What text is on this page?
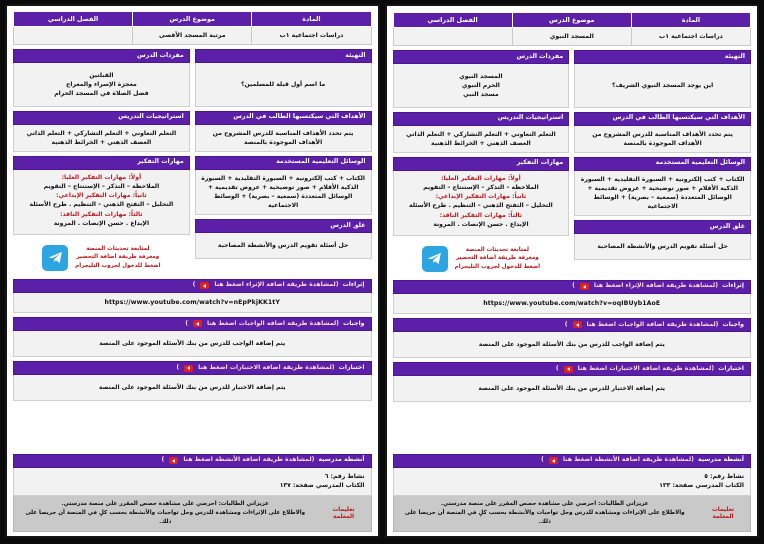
المادة	موضوع الدرس	الفصل الدراسي
دراسات اجتماعية ١ب	مرتبة المسجد الأقصى	
التهيئة
ما اسم أول قبلة للمسلمين؟
الأهداف التي سيكتسبها الطالب في الدرس
يتم تحدد الأهداف المناسبة للدرس المشروح من الأهداف الموجودة بالمنصة
الوسائل التعليمية المستخدمة
الكتاب + كتب إلكترونية + السبورة التقليدية + السبورة الذكية الأقلام + صور توضيحية + عروض تقديمية + الوسائل المتعددة (سمعية – بصرية) + الوسائط الاجتماعية
غلق الدرس
حل أسئلة تقويم الدرس والأنشطة المصاحبة
مفردات الدرس

القبلتين

معجزة الإسراء والمعراج

فضل الصلاة في المسجد الحرام

استراتيجيات التدريس
التعلم التعاوني + التعلم التشاركي + التعلم الذاتي العصف الذهني + الخرائط الذهنية
مهارات التفكير
أولاً: مهارات التفكير العليا:
الملاحظة – التذكر – الإستنتاج – التقويم
ثانياً: مهارات التفكير الإبداعي:
التحليل – التفتح الذهني – التنظيم . طرح الأسئلة
ثالثاً: مهارات التفكير الناقد:
الإبداع . حسن الإنصات . المرونة
لمتابعة تحديثات المنصة
ومعرفة طريقة اضافة التحضير
اضغط للدخول لجروب التليجرام
إثراءات
(لمشاهدة طريقة اضافة الإثراء اضغط هنا
)
https://www.youtube.com/watch?v=nEpPkjKK1tY
واجبات
(لمشاهدة طريقة اضافة الواجبات اضغط هنا
)
يتم إضافة الواجب للدرس من بنك الأسئلة الموجود على المنصة
اختبارات
(لمشاهدة طريقة اضافة الاختبارات اضغط هنا
)
يتم إضافة الاختبار للدرس من بنك الأسئلة الموجود على المنصة
أنشطة مدرسية
(لمشاهدة طريقة اضافة الأنشطة اضغط هنا
)
نشاط رقم: ٦
الكتاب المدرسي صفحة: ١٣٧
تعليمات المعلمة
عزيزاتي الطالبات: احرصي على مشاهدة حصص المقرر على منصة مدرستي.
والاطلاع على الإثراءات ومشاهدة للدرس وحل تواجبات والأنشطة بحسب كلٍ في المنصة أن حريصا على ذلك.
المادة	موضوع الدرس	الفصل الدراسي
دراسات اجتماعية ١ب	المسجد النبوي	
التهيئة
اين يوجد المسجد النبوي الشريف؟
الأهداف التي سيكتسبها الطالب في الدرس
يتم تحدد الأهداف المناسبة للدرس المشروح من الأهداف الموجودة بالمنصة
الوسائل التعليمية المستخدمة
الكتاب + كتب إلكترونية + السبورة التقليدية + السبورة الذكية الأقلام + صور توضيحية + عروض تقديمية + الوسائل المتعددة (سمعية – بصرية) + الوسائط الاجتماعية
غلق الدرس
حل أسئلة تقويم الدرس والأنشطة المصاحبة
مفردات الدرس

المسجد النبوي

الحرم النبوي

مسجد النبي

استراتيجيات التدريس
التعلم التعاوني + التعلم التشاركي + التعلم الذاتي العصف الذهني + الخرائط الذهنية
مهارات التفكير
أولاً: مهارات التفكير العليا:
الملاحظة – التذكر – الإستنتاج – التقويم
ثانياً: مهارات التفكير الإبداعي:
التحليل – التفتح الذهني – التنظيم . طرح الأسئلة
ثالثاً: مهارات التفكير الناقد:
الإبداع . حسن الإنصات . المرونة
لمتابعة تحديثات المنصة
ومعرفة طريقة اضافة التحضير
اضغط للدخول لجروب التليجرام
إثراءات
(لمشاهدة طريقة اضافة الإثراء اضغط هنا
)
https://www.youtube.com/watch?v=oqIBUyb1AoE
واجبات
(لمشاهدة طريقة اضافة الواجبات اضغط هنا
)
يتم إضافة الواجب للدرس من بنك الأسئلة الموجود على المنصة
اختبارات
(لمشاهدة طريقة اضافة الاختبارات اضغط هنا
)
يتم إضافة الاختبار للدرس من بنك الأسئلة الموجود على المنصة
أنشطة مدرسية
(لمشاهدة طريقة اضافة الأنشطة اضغط هنا
)
نشاط رقم: ٥
الكتاب المدرسي صفحة: ١٣٣
تعليمات المعلمة
عزيزاتي الطالبات: احرصي على مشاهدة حصص المقرر على منصة مدرستي.
والاطلاع على الإثراءات ومشاهدة للدرس وحل تواجبات والأنشطة بحسب كلٍ في المنصة أن حريصا على ذلك.
